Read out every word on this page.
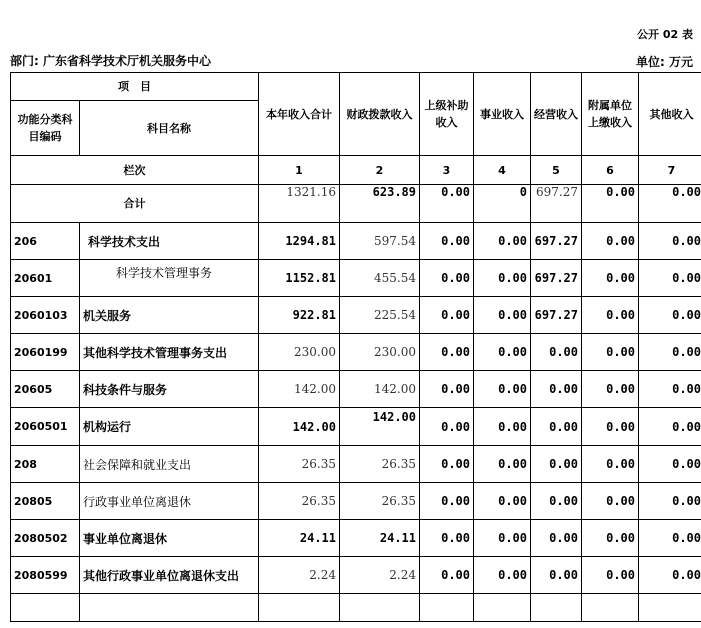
公开 02 表
部门: 广东省科学技术厅机关服务中心	单位: 万元
项　目		本年收入合计	财政拨款收入	上级补助收入	事业收入	经营收入	附属单位上缴收入	其他收入
功能分类科目编码	科目名称							
栏次		1	2	3	4	5	6	7
合计		1321.16	623.89	0.00	0	697.27	0.00	0.00
206	科学技术支出	1294.81	597.54	0.00	0.00	697.27	0.00	0.00
20601	科学技术管理事务	1152.81	455.54	0.00	0.00	697.27	0.00	0.00
2060103	机关服务	922.81	225.54	0.00	0.00	697.27	0.00	0.00
2060199	其他科学技术管理事务支出	230.00	230.00	0.00	0.00	0.00	0.00	0.00
20605	科技条件与服务	142.00	142.00	0.00	0.00	0.00	0.00	0.00
2060501	机构运行	142.00	142.00	0.00	0.00	0.00	0.00	0.00
208	社会保障和就业支出	26.35	26.35	0.00	0.00	0.00	0.00	0.00
20805	行政事业单位离退休	26.35	26.35	0.00	0.00	0.00	0.00	0.00
2080502	事业单位离退休	24.11	24.11	0.00	0.00	0.00	0.00	0.00
2080599	其他行政事业单位离退休支出	2.24	2.24	0.00	0.00	0.00	0.00	0.00
